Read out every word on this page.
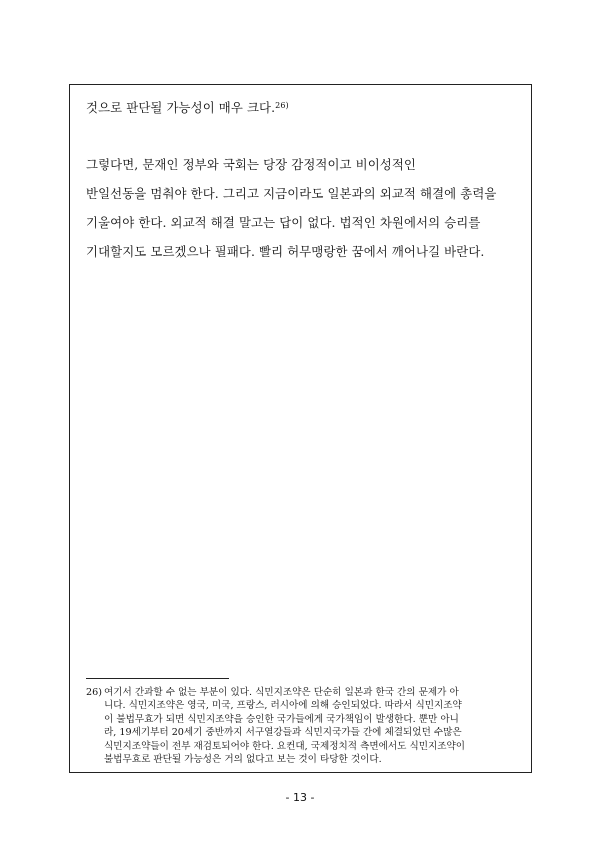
것으로 판단될 가능성이 매우 크다.$^{26)}$

그렇다면, 문재인 정부와 국회는 당장 감정적이고 비이성적인

반일선동을 멈춰야 한다. 그리고 지금이라도 일본과의 외교적 해결에 총력을

기울여야 한다. 외교적 해결 말고는 답이 없다. 법적인 차원에서의 승리를

기대할지도 모르겠으나 필패다. 빨리 허무맹랑한 꿈에서 깨어나길 바란다.

26) 여기서 간과할 수 없는 부분이 있다. 식민지조약은 단순히 일본과 한국 간의 문제가 아

니다. 식민지조약은 영국, 미국, 프랑스, 러시아에 의해 승인되었다. 따라서 식민지조약

이 불법무효가 되면 식민지조약을 승인한 국가들에게 국가책임이 발생한다. 뿐만 아니

라, 19세기부터 20세기 중반까지 서구열강들과 식민지국가들 간에 체결되었던 수많은

식민지조약들이 전부 재검토되어야 한다. 요컨대, 국제정치적 측면에서도 식민지조약이

불법무효로 판단될 가능성은 거의 없다고 보는 것이 타당한 것이다.

- 13 -
